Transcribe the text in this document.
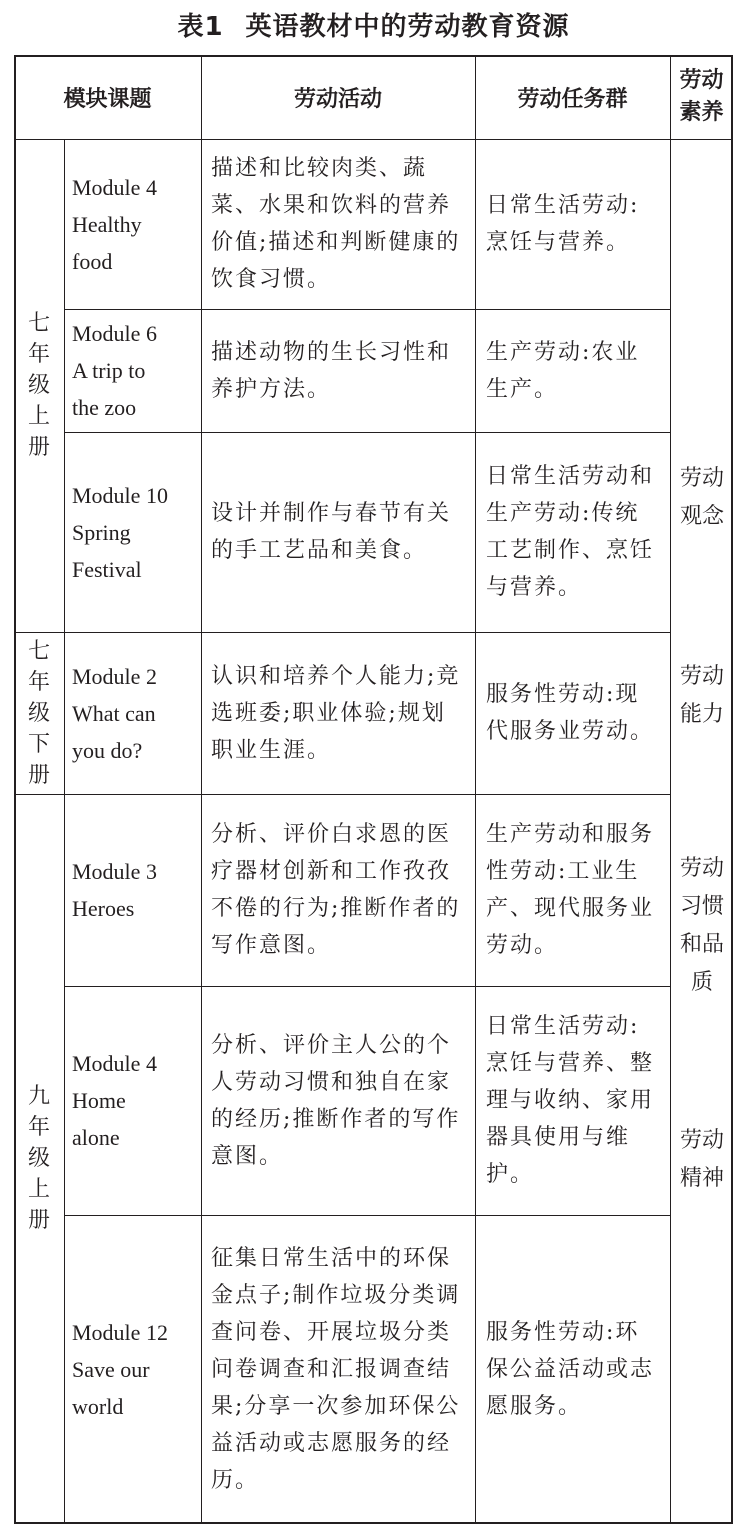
表1 英语教材中的劳动教育资源
模块课题	劳动活动	劳动任务群
劳动素养
七年级上册
七年级下册
九年级上册
Module 4
Healthy
food
描述和比较肉类、蔬菜、水果和饮料的营养价值;描述和判断健康的饮食习惯。
日常生活劳动:烹饪与营养。
Module 6
A trip to
the zoo
描述动物的生长习性和养护方法。
生产劳动:农业生产。
Module 10
Spring
Festival
设计并制作与春节有关的手工艺品和美食。
日常生活劳动和生产劳动:传统工艺制作、烹饪与营养。
Module 2
What can
you do?
认识和培养个人能力;竞选班委;职业体验;规划职业生涯。
服务性劳动:现代服务业劳动。
Module 3
Heroes
分析、评价白求恩的医疗器材创新和工作孜孜不倦的行为;推断作者的写作意图。
生产劳动和服务性劳动:工业生产、现代服务业劳动。
Module 4
Home
alone
分析、评价主人公的个人劳动习惯和独自在家的经历;推断作者的写作意图。
日常生活劳动:烹饪与营养、整理与收纳、家用器具使用与维护。
Module 12
Save our
world
征集日常生活中的环保金点子;制作垃圾分类调查问卷、开展垃圾分类问卷调查和汇报调查结果;分享一次参加环保公益活动或志愿服务的经历。
服务性劳动:环保公益活动或志愿服务。
劳动观念
劳动能力
劳动习惯和品质
劳动精神
